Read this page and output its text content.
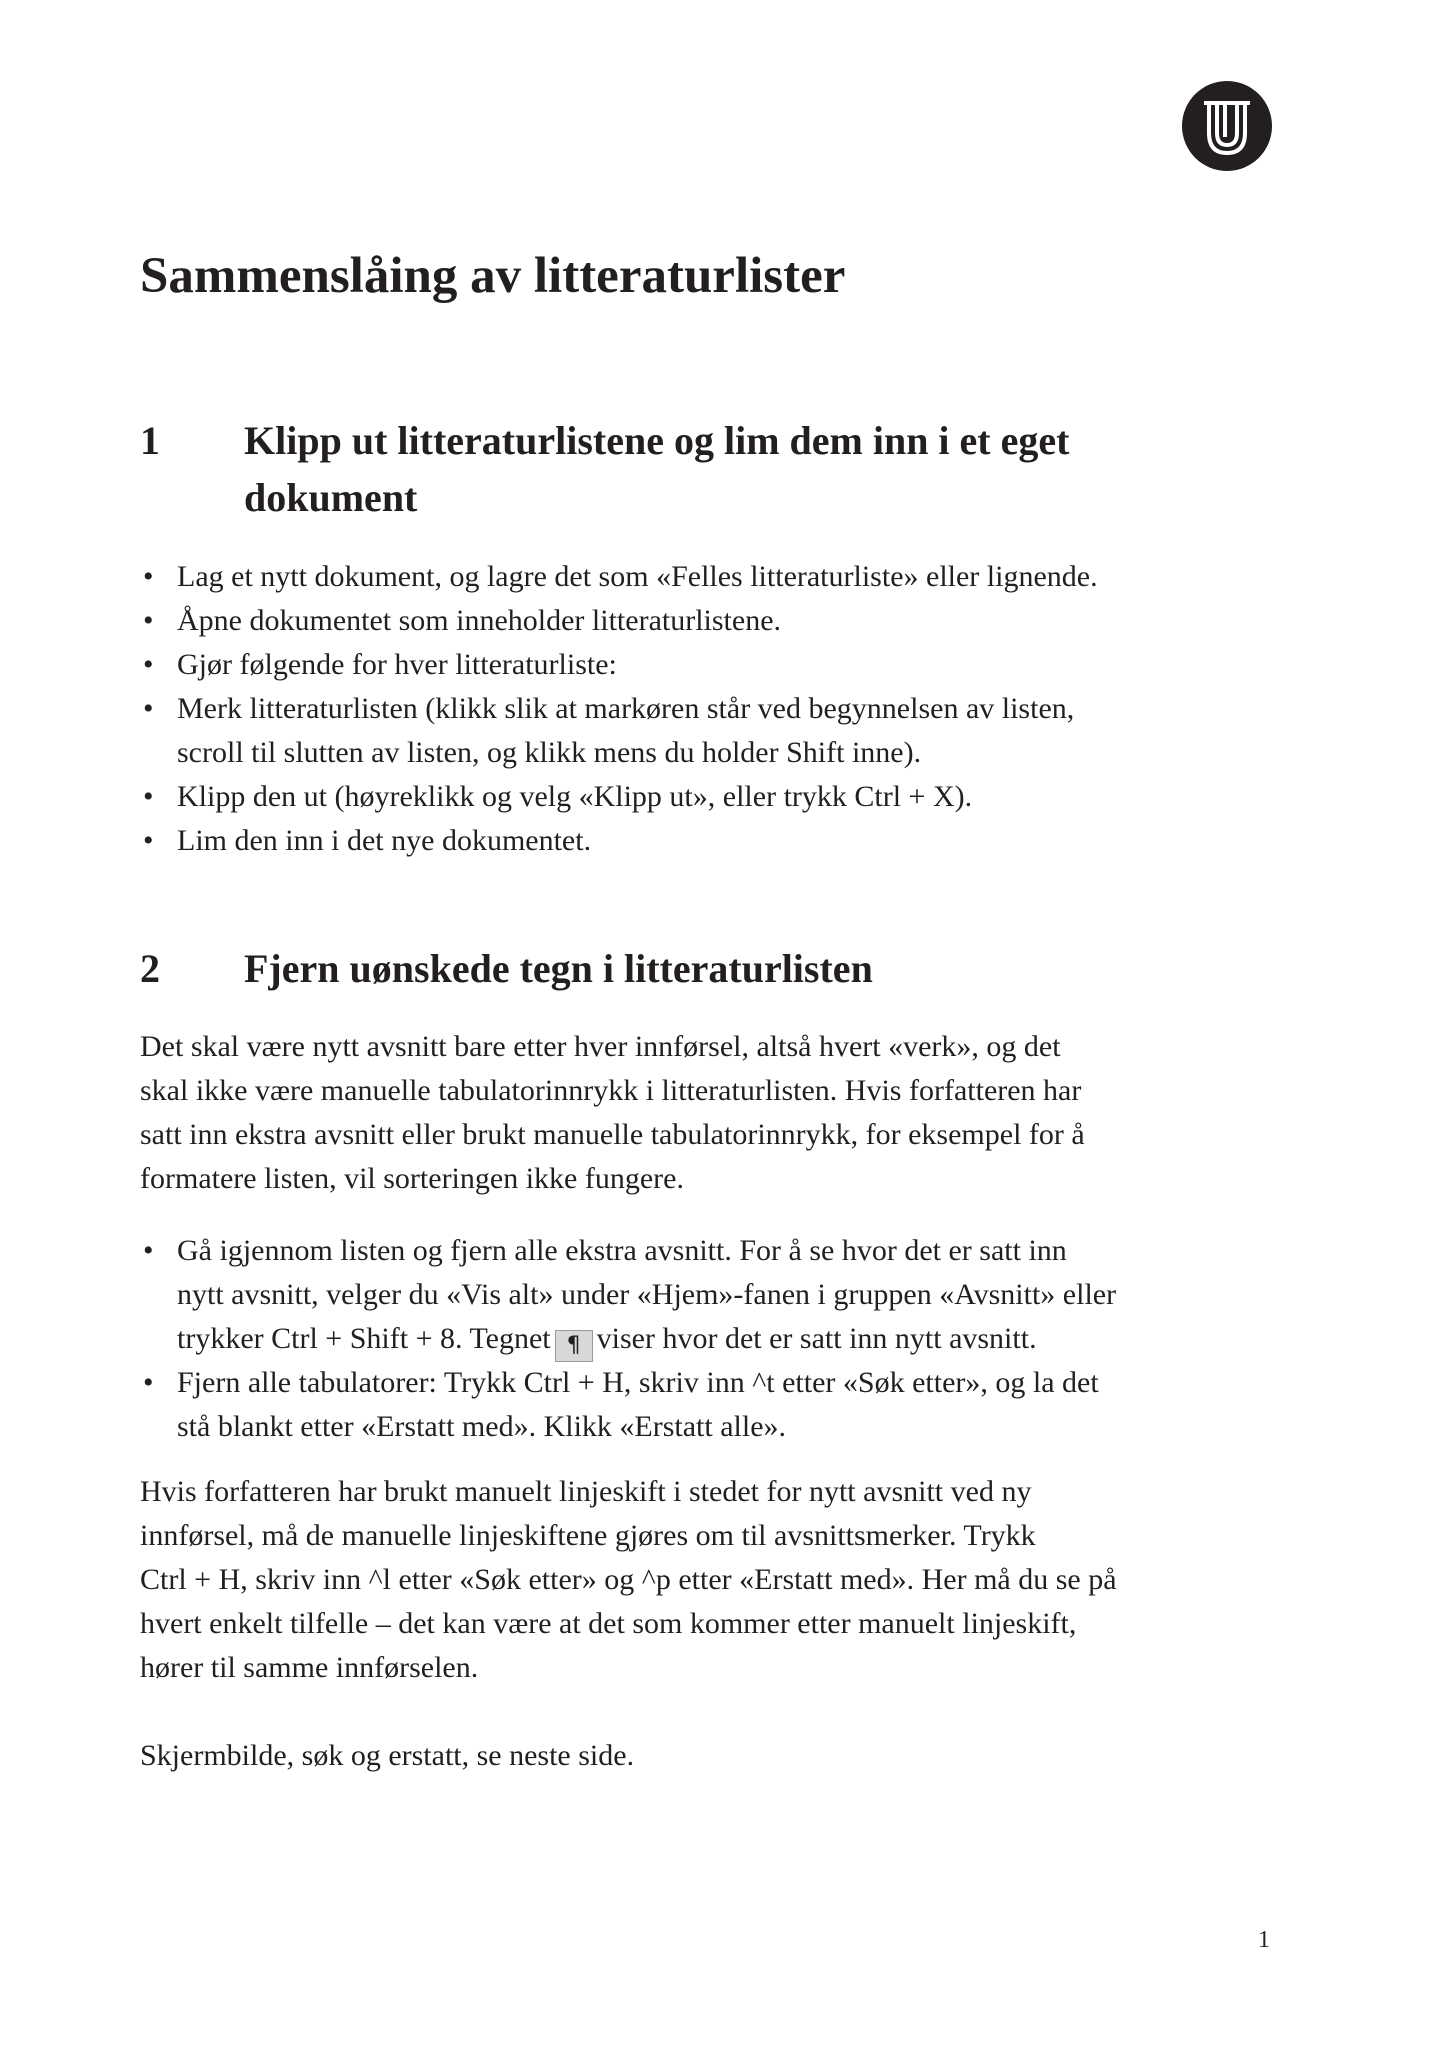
Sammenslåing av litteraturlister
1 Klipp ut litteraturlistene og lim dem inn i et eget
dokument
• Lag et nytt dokument, og lagre det som «Felles litteraturliste» eller lignende.
• Åpne dokumentet som inneholder litteraturlistene.
• Gjør følgende for hver litteraturliste:
• Merk litteraturlisten (klikk slik at markøren står ved begynnelsen av listen,
scroll til slutten av listen, og klikk mens du holder Shift inne).
• Klipp den ut (høyreklikk og velg «Klipp ut», eller trykk Ctrl + X).
• Lim den inn i det nye dokumentet.
2 Fjern uønskede tegn i litteraturlisten
Det skal være nytt avsnitt bare etter hver innførsel, altså hvert «verk», og det
skal ikke være manuelle tabulatorinnrykk i litteraturlisten. Hvis forfatteren har
satt inn ekstra avsnitt eller brukt manuelle tabulatorinnrykk, for eksempel for å
formatere listen, vil sorteringen ikke fungere.
• Gå igjennom listen og fjern alle ekstra avsnitt. For å se hvor det er satt inn
nytt avsnitt, velger du «Vis alt» under «Hjem»-fanen i gruppen «Avsnitt» eller
trykker Ctrl + Shift + 8. Tegnet ¶ viser hvor det er satt inn nytt avsnitt.
• Fjern alle tabulatorer: Trykk Ctrl + H, skriv inn ^t etter «Søk etter», og la det
stå blankt etter «Erstatt med». Klikk «Erstatt alle».
Hvis forfatteren har brukt manuelt linjeskift i stedet for nytt avsnitt ved ny
innførsel, må de manuelle linjeskiftene gjøres om til avsnittsmerker. Trykk
Ctrl + H, skriv inn ^l etter «Søk etter» og ^p etter «Erstatt med». Her må du se på
hvert enkelt tilfelle – det kan være at det som kommer etter manuelt linjeskift,
hører til samme innførselen.
Skjermbilde, søk og erstatt, se neste side.
1
